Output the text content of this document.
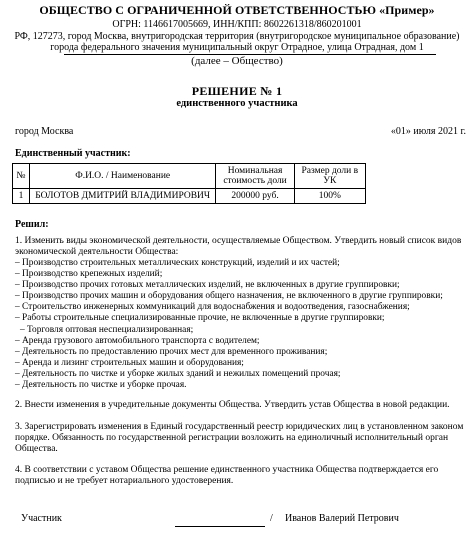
ОБЩЕСТВО С ОГРАНИЧЕННОЙ ОТВЕТСТВЕННОСТЬЮ «Пример»
ОГРН: 1146617005669, ИНН/КПП: 8602261318/860201001
РФ, 127273, город Москва, внутригородская территория (внутригородское муниципальное образование)
города федерального значения муниципальный округ Отрадное, улица Отрадная, дом 1
(далее – Общество)
РЕШЕНИЕ № 1
единственного участника
город Москва	«01» июля 2021 г.
Единственный участник:
№	Ф.И.О. / Наименование	Номинальная стоимость доли	Размер доли в УК
1	БОЛОТОВ ДМИТРИЙ ВЛАДИМИРОВИЧ	200000 руб.	100%
Решил:
1. Изменить виды экономической деятельности, осуществляемые Обществом. Утвердить новый список видов экономической деятельности Общества:
– Производство строительных металлических конструкций, изделий и их частей;
– Производство крепежных изделий;
– Производство прочих готовых металлических изделий, не включенных в другие группировки;
– Производство прочих машин и оборудования общего назначения, не включенного в другие группировки;
– Строительство инженерных коммуникаций для водоснабжения и водоотведения, газоснабжения;
– Работы строительные специализированные прочие, не включенные в другие группировки;
– Торговля оптовая неспециализированная;
– Аренда грузового автомобильного транспорта с водителем;
– Деятельность по предоставлению прочих мест для временного проживания;
– Аренда и лизинг строительных машин и оборудования;
– Деятельность по чистке и уборке жилых зданий и нежилых помещений прочая;
– Деятельность по чистке и уборке прочая.
2. Внести изменения в учредительные документы Общества. Утвердить устав Общества в новой редакции.
3. Зарегистрировать изменения в Единый государственный реестр юридических лиц в установленном законом порядке. Обязанность по государственной регистрации возложить на единоличный исполнительный орган Общества.
4. В соответствии с уставом Общества решение единственного участника Общества подтверждается его подписью и не требует нотариального удостоверения.
Участник	/ Иванов Валерий Петрович
